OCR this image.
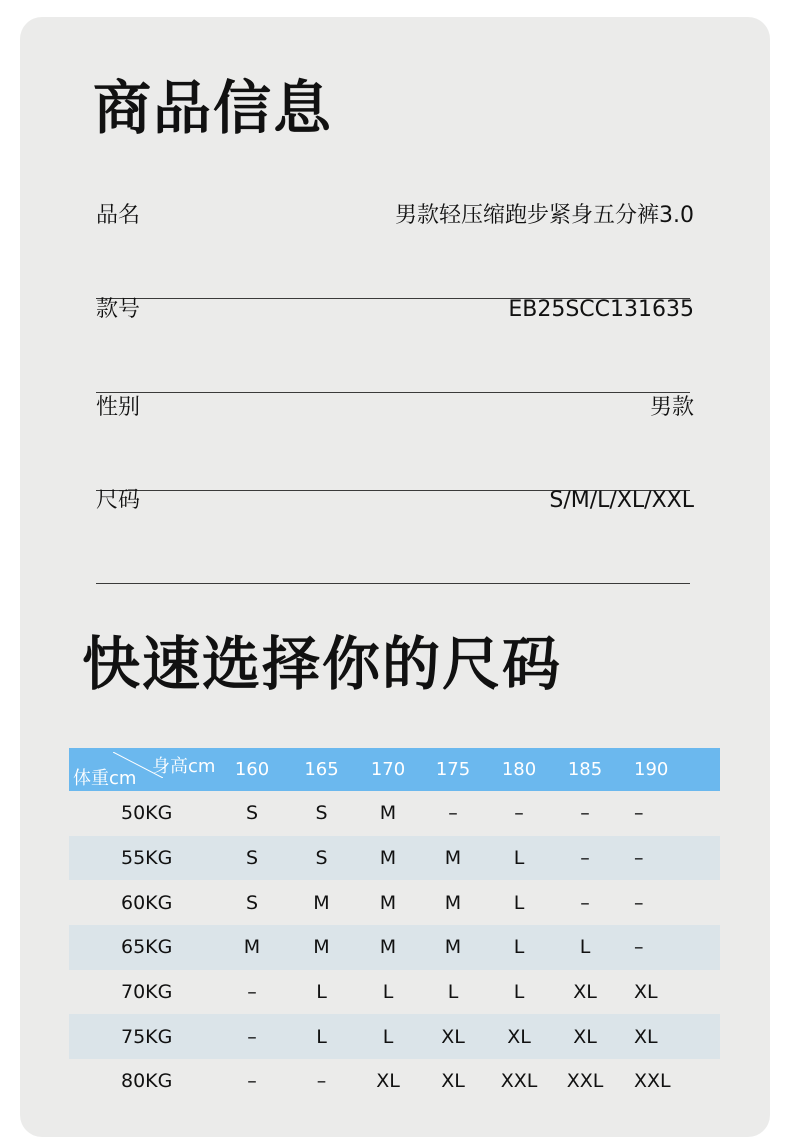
商品信息
品名	男款轻压缩跑步紧身五分裤3.0
款号	EB25SCC131635
性别	男款
尺码	S/M/L/XL/XXL
快速选择你的尺码
身高cm
体重cm	160	165	170	175	180	185	190
50KG	S	S	M	–	–	–	–
55KG	S	S	M	M	L	–	–
60KG	S	M	M	M	L	–	–
65KG	M	M	M	M	L	L	–
70KG	–	L	L	L	L	XL	XL
75KG	–	L	L	XL	XL	XL	XL
80KG	–	–	XL	XL	XXL	XXL	XXL
